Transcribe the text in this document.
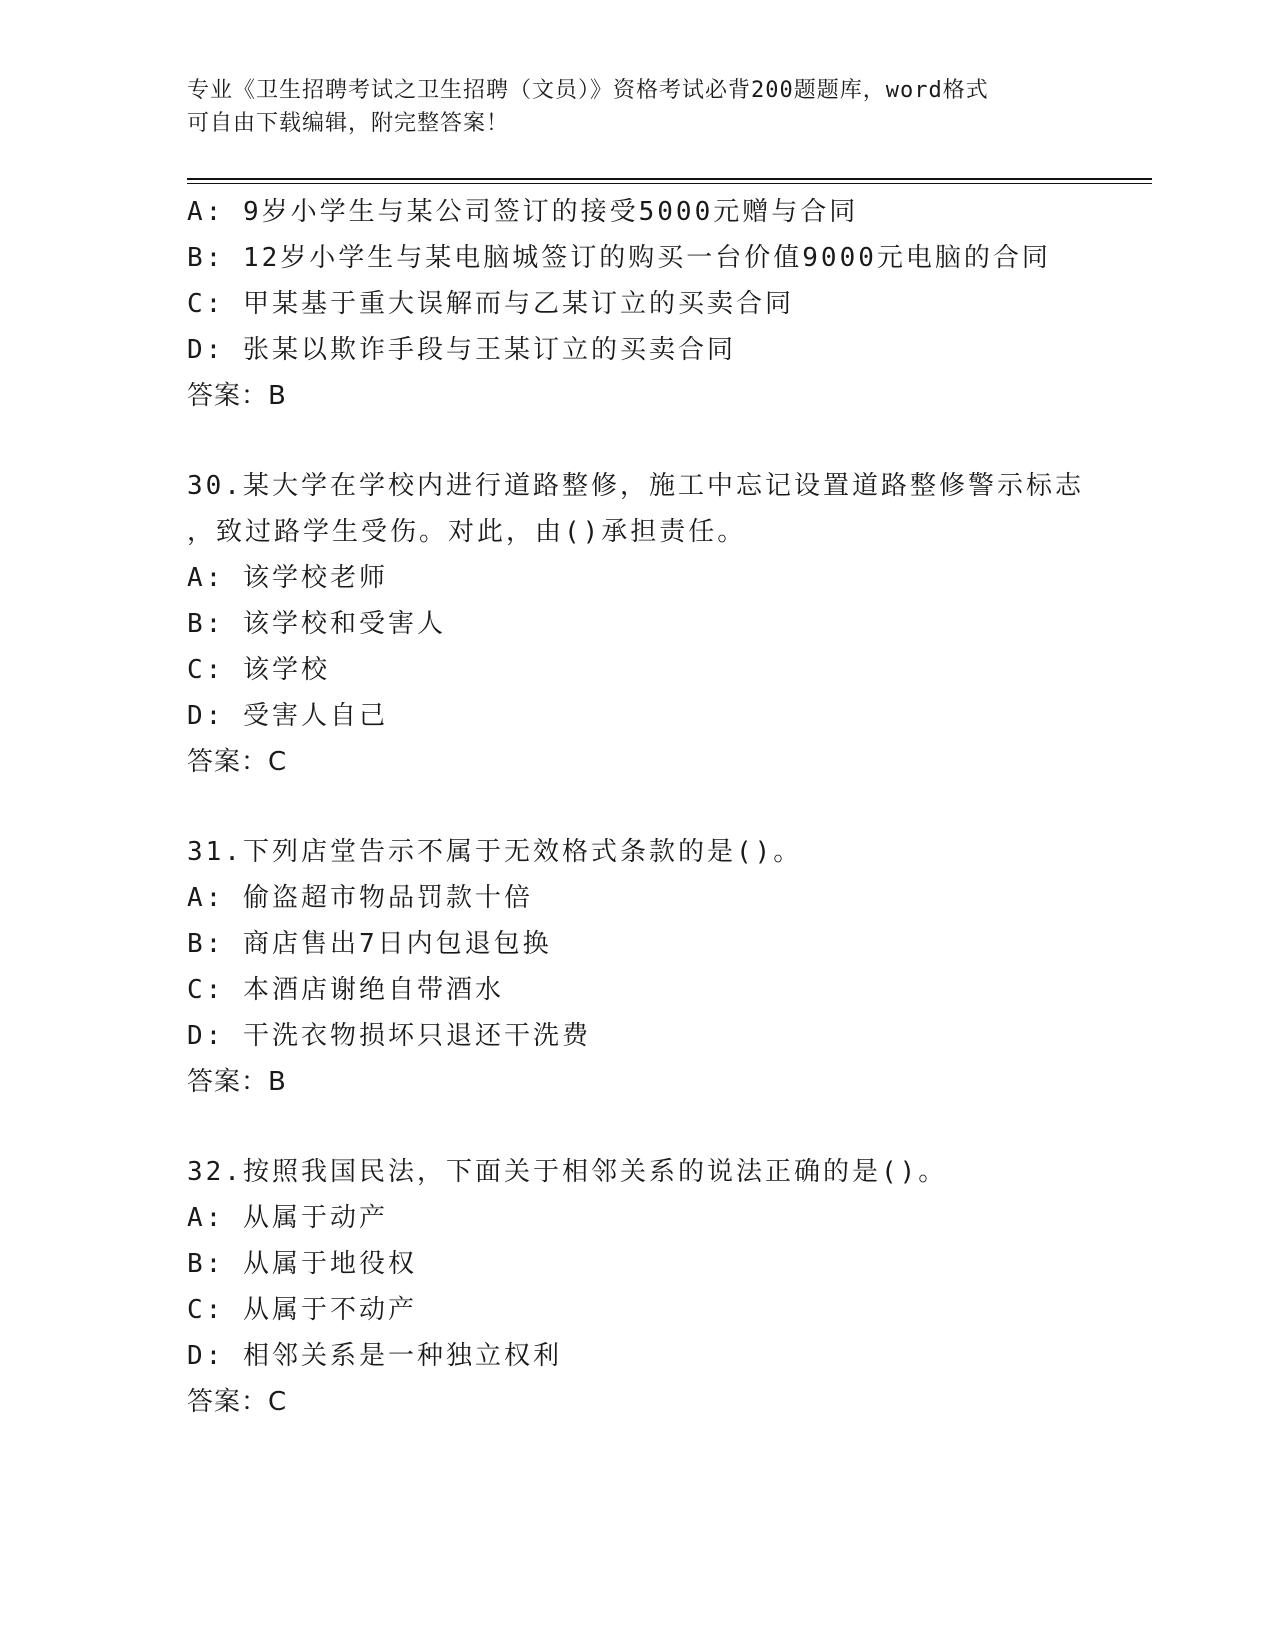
专业《卫生招聘考试之卫生招聘（文员）》资格考试必背200题题库，word格式
可自由下载编辑，附完整答案！
A: 9岁小学生与某公司签订的接受5000元赠与合同
B: 12岁小学生与某电脑城签订的购买一台价值9000元电脑的合同
C: 甲某基于重大误解而与乙某订立的买卖合同
D: 张某以欺诈手段与王某订立的买卖合同
答案：B
30.某大学在学校内进行道路整修，施工中忘记设置道路整修警示标志
，致过路学生受伤。对此，由()承担责任。
A: 该学校老师
B: 该学校和受害人
C: 该学校
D: 受害人自己
答案：C
31.下列店堂告示不属于无效格式条款的是()。
A: 偷盗超市物品罚款十倍
B: 商店售出7日内包退包换
C: 本酒店谢绝自带酒水
D: 干洗衣物损坏只退还干洗费
答案：B
32.按照我国民法，下面关于相邻关系的说法正确的是()。
A: 从属于动产
B: 从属于地役权
C: 从属于不动产
D: 相邻关系是一种独立权利
答案：C
